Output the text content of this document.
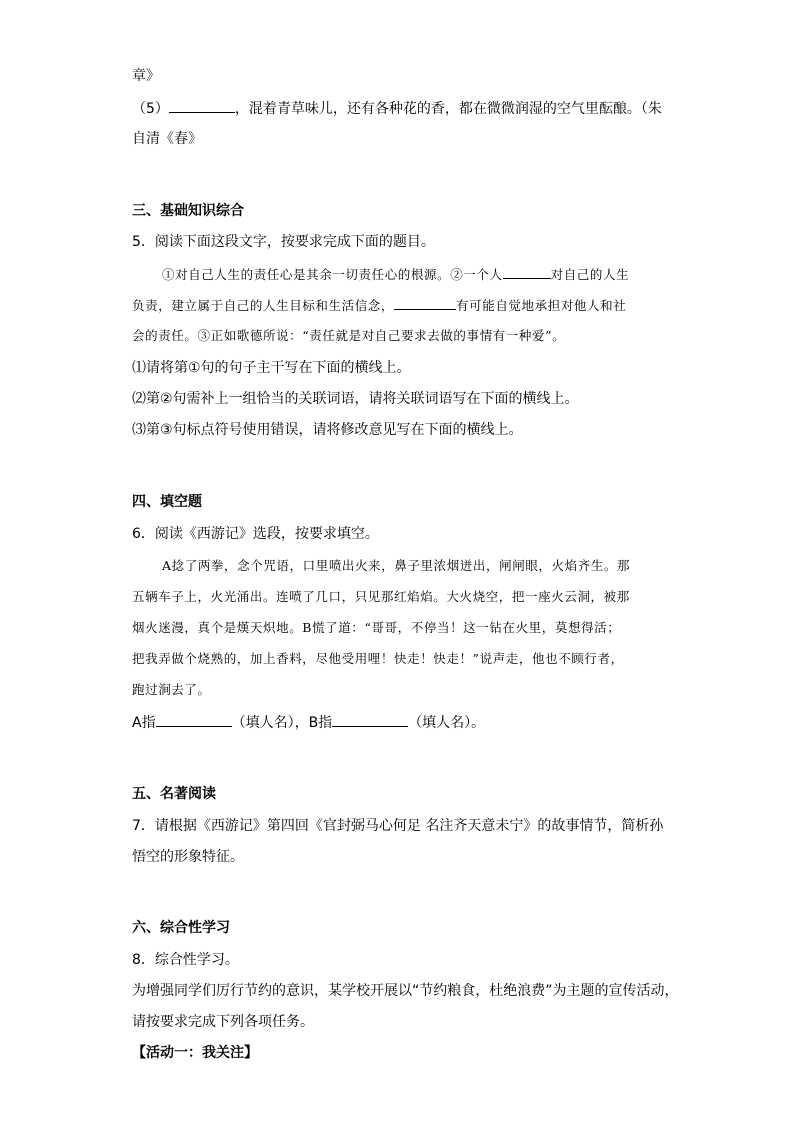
章》
（5）	，混着青草味儿，还有各种花的香，都在微微润湿的空气里酝酿。（朱
自清《春》
三、基础知识综合
5．阅读下面这段文字，按要求完成下面的题目。
①对自己人生的责任心是其余一切责任心的根源。②一个人	对自己的人生
负责，建立属于自己的人生目标和生活信念，	有可能自觉地承担对他人和社
会的责任。③正如歌德所说：“责任就是对自己要求去做的事情有一种爱”。
⑴请将第①句的句子主干写在下面的横线上。
⑵第②句需补上一组恰当的关联词语，请将关联词语写在下面的横线上。
⑶第③句标点符号使用错误，请将修改意见写在下面的横线上。
四、填空题
6．阅读《西游记》选段，按要求填空。
A捻了两拳，念个咒语，口里喷出火来，鼻子里浓烟迸出，闸闸眼，火焰齐生。那
五辆车子上，火光涌出。连喷了几口，只见那红焰焰。大火烧空，把一座火云洞，被那
烟火迷漫，真个是熯天炽地。B慌了道：“哥哥，不停当！这一钻在火里，莫想得活；
把我弄做个烧熟的，加上香料，尽他受用哩！快走！快走！”说声走，他也不顾行者，
跑过涧去了。
A指	（填人名），B指	（填人名）。
五、名著阅读
7．请根据《西游记》第四回《官封弼马心何足 名注齐天意未宁》的故事情节，简析孙
悟空的形象特征。
六、综合性学习
8．综合性学习。
为增强同学们厉行节约的意识，某学校开展以“节约粮食，杜绝浪费”为主题的宣传活动，
请按要求完成下列各项任务。
【活动一：我关注】
